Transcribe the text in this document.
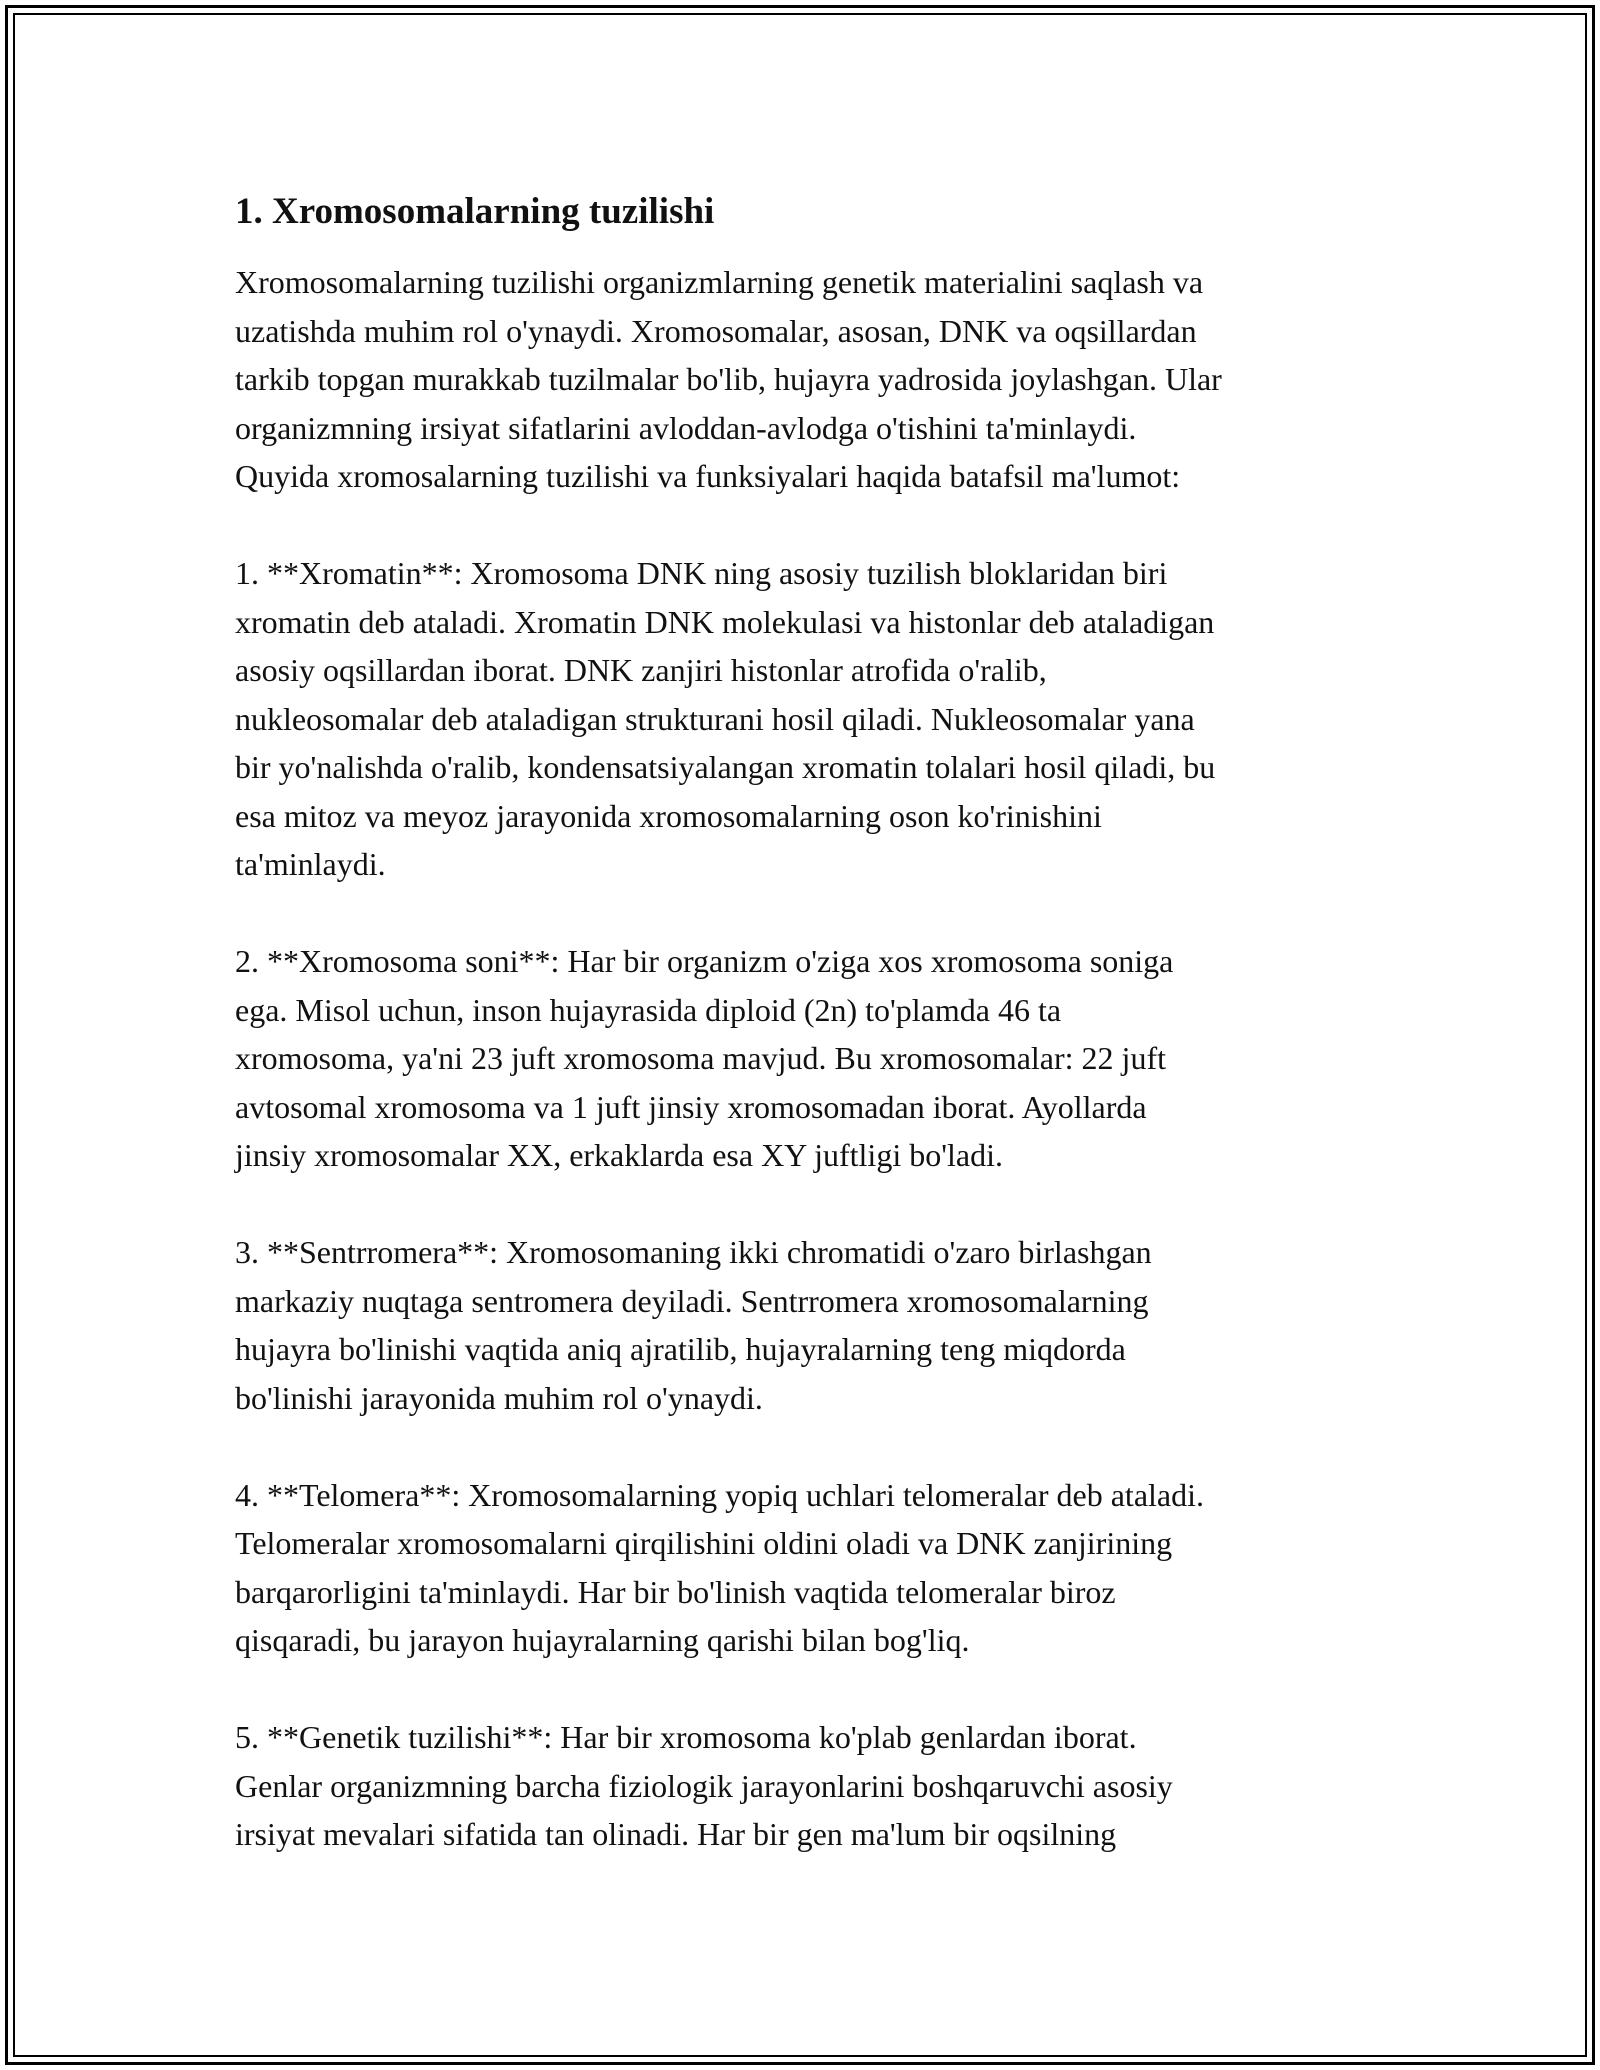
1. Xromosomalarning tuzilishi
Xromosomalarning tuzilishi organizmlarning genetik materialini saqlash va
uzatishda muhim rol o'ynaydi. Xromosomalar, asosan, DNK va oqsillardan
tarkib topgan murakkab tuzilmalar bo'lib, hujayra yadrosida joylashgan. Ular
organizmning irsiyat sifatlarini avloddan-avlodga o'tishini ta'minlaydi.
Quyida xromosalarning tuzilishi va funksiyalari haqida batafsil ma'lumot:
1. **Xromatin**: Xromosoma DNK ning asosiy tuzilish bloklaridan biri
xromatin deb ataladi. Xromatin DNK molekulasi va histonlar deb ataladigan
asosiy oqsillardan iborat. DNK zanjiri histonlar atrofida o'ralib,
nukleosomalar deb ataladigan strukturani hosil qiladi. Nukleosomalar yana
bir yo'nalishda o'ralib, kondensatsiyalangan xromatin tolalari hosil qiladi, bu
esa mitoz va meyoz jarayonida xromosomalarning oson ko'rinishini
ta'minlaydi.
2. **Xromosoma soni**: Har bir organizm o'ziga xos xromosoma soniga
ega. Misol uchun, inson hujayrasida diploid (2n) to'plamda 46 ta
xromosoma, ya'ni 23 juft xromosoma mavjud. Bu xromosomalar: 22 juft
avtosomal xromosoma va 1 juft jinsiy xromosomadan iborat. Ayollarda
jinsiy xromosomalar XX, erkaklarda esa XY juftligi bo'ladi.
3. **Sentrromera**: Xromosomaning ikki chromatidi o'zaro birlashgan
markaziy nuqtaga sentromera deyiladi. Sentrromera xromosomalarning
hujayra bo'linishi vaqtida aniq ajratilib, hujayralarning teng miqdorda
bo'linishi jarayonida muhim rol o'ynaydi.
4. **Telomera**: Xromosomalarning yopiq uchlari telomeralar deb ataladi.
Telomeralar xromosomalarni qirqilishini oldini oladi va DNK zanjirining
barqarorligini ta'minlaydi. Har bir bo'linish vaqtida telomeralar biroz
qisqaradi, bu jarayon hujayralarning qarishi bilan bog'liq.
5. **Genetik tuzilishi**: Har bir xromosoma ko'plab genlardan iborat.
Genlar organizmning barcha fiziologik jarayonlarini boshqaruvchi asosiy
irsiyat mevalari sifatida tan olinadi. Har bir gen ma'lum bir oqsilning
